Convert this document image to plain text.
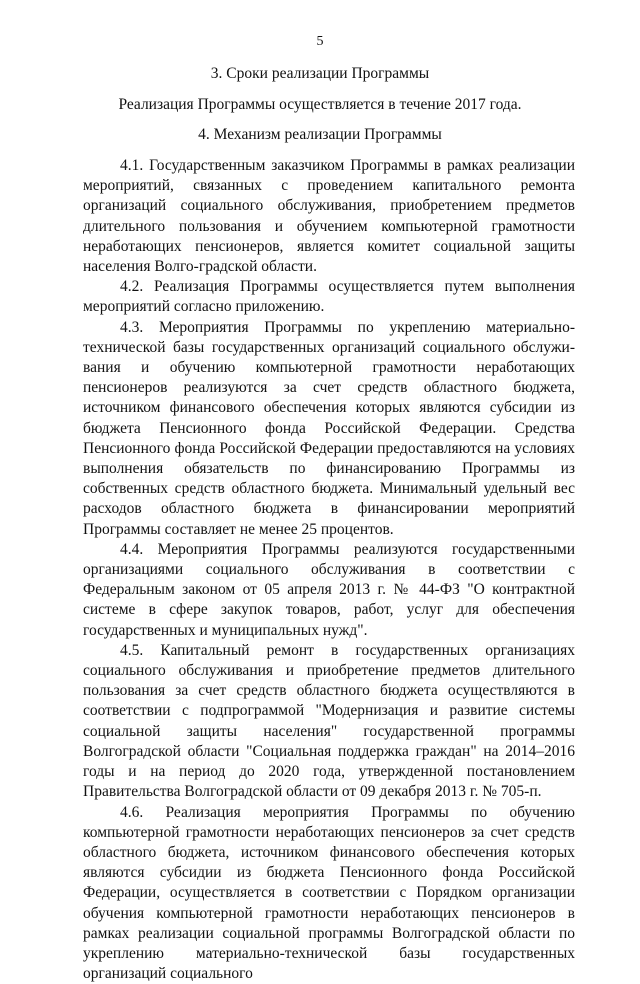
5
3. Сроки реализации Программы
Реализация Программы осуществляется в течение 2017 года.
4. Механизм реализации Программы

4.1. Государственным заказчиком Программы в рамках реализации мероприятий, связанных с проведением капитального ремонта организаций социального обслуживания, приобретением предметов длительного пользования и обучением компьютерной грамотности неработающих пенсионеров, является комитет социальной защиты населения Волго-градской области.

4.2. Реализация Программы осуществляется путем выполнения мероприятий согласно приложению.

4.3. Мероприятия Программы по укреплению материально-технической базы государственных организаций социального обслужи-вания и обучению компьютерной грамотности неработающих пенсионеров реализуются за счет средств областного бюджета, источником финансового обеспечения которых являются субсидии из бюджета Пенсионного фонда Российской Федерации. Средства Пенсионного фонда Российской Федерации предоставляются на условиях выполнения обязательств по финансированию Программы из собственных средств областного бюджета. Минимальный удельный вес расходов областного бюджета в финансировании мероприятий Программы составляет не менее 25 процентов.

4.4. Мероприятия Программы реализуются государственными организациями социального обслуживания в соответствии с Федеральным законом от 05 апреля 2013 г. № 44-ФЗ "О контрактной системе в сфере закупок товаров, работ, услуг для обеспечения государственных и муниципальных нужд".

4.5. Капитальный ремонт в государственных организациях социального обслуживания и приобретение предметов длительного пользования за счет средств областного бюджета осуществляются в соответствии с подпрограммой "Модернизация и развитие системы социальной защиты населения" государственной программы Волгоградской области "Социальная поддержка граждан" на 2014–2016 годы и на период до 2020 года, утвержденной постановлением Правительства Волгоградской области от 09 декабря 2013 г. № 705-п.

4.6. Реализация мероприятия Программы по обучению компьютерной грамотности неработающих пенсионеров за счет средств областного бюджета, источником финансового обеспечения которых являются субсидии из бюджета Пенсионного фонда Российской Федерации, осуществляется в соответствии с Порядком организации обучения компьютерной грамотности неработающих пенсионеров в рамках реализации социальной программы Волгоградской области по укреплению материально-технической базы государственных организаций социального
